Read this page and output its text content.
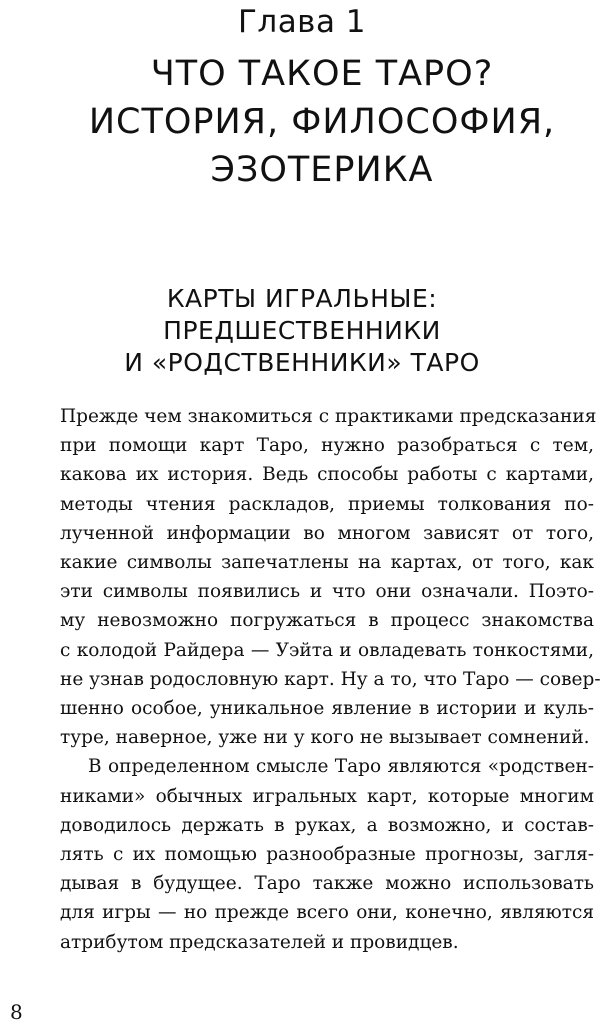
Глава 1
ЧТО ТАКОЕ ТАРО?
ИСТОРИЯ, ФИЛОСОФИЯ,
ЭЗОТЕРИКА
КАРТЫ ИГРАЛЬНЫЕ:
ПРЕДШЕСТВЕННИКИ
И «РОДСТВЕННИКИ» ТАРО
Прежде чем знакомиться с практиками предсказания
при помощи карт Таро, нужно разобраться с тем,
какова их история. Ведь способы работы с картами,
методы чтения раскладов, приемы толкования по-
лученной информации во многом зависят от того,
какие символы запечатлены на картах, от того, как
эти символы появились и что они означали. Поэто-
му невозможно погружаться в процесс знакомства
с колодой Райдера — Уэйта и овладевать тонкостями,
не узнав родословную карт. Ну а то, что Таро — совер-
шенно особое, уникальное явление в истории и куль-
туре, наверное, уже ни у кого не вызывает сомнений.
В определенном смысле Таро являются «родствен-
никами» обычных игральных карт, которые многим
доводилось держать в руках, а возможно, и состав-
лять с их помощью разнообразные прогнозы, загля-
дывая в будущее. Таро также можно использовать
для игры — но прежде всего они, конечно, являются
атрибутом предсказателей и провидцев.
8
